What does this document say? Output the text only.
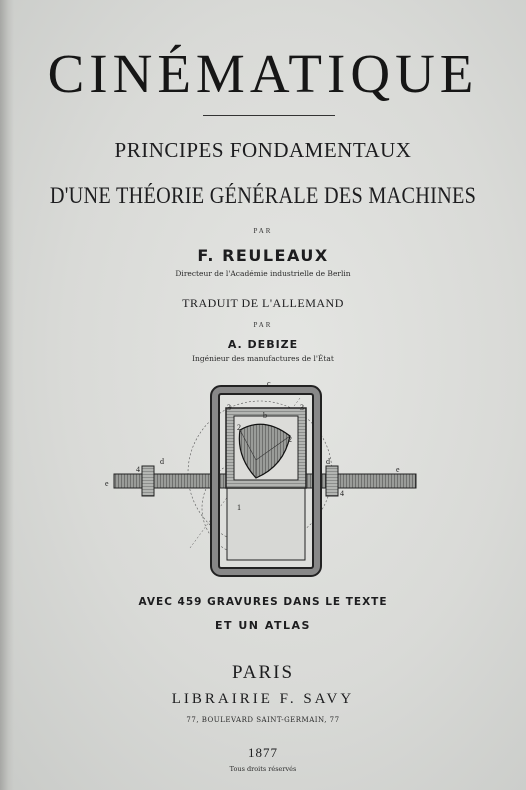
CINÉMATIQUE
PRINCIPES FONDAMENTAUX
D'UNE THÉORIE GÉNÉRALE DES MACHINES
PAR
F. REULEAUX
Directeur de l'Académie industrielle de Berlin
TRADUIT DE L'ALLEMAND
PAR
A. DEBIZE
Ingénieur des manufactures de l'État
c
b
d	d
e
e
1
2
2
3	3
4
4
AVEC 459 GRAVURES DANS LE TEXTE
ET UN ATLAS
PARIS
LIBRAIRIE F. SAVY
77, BOULEVARD SAINT-GERMAIN, 77
1877
Tous droits réservés
